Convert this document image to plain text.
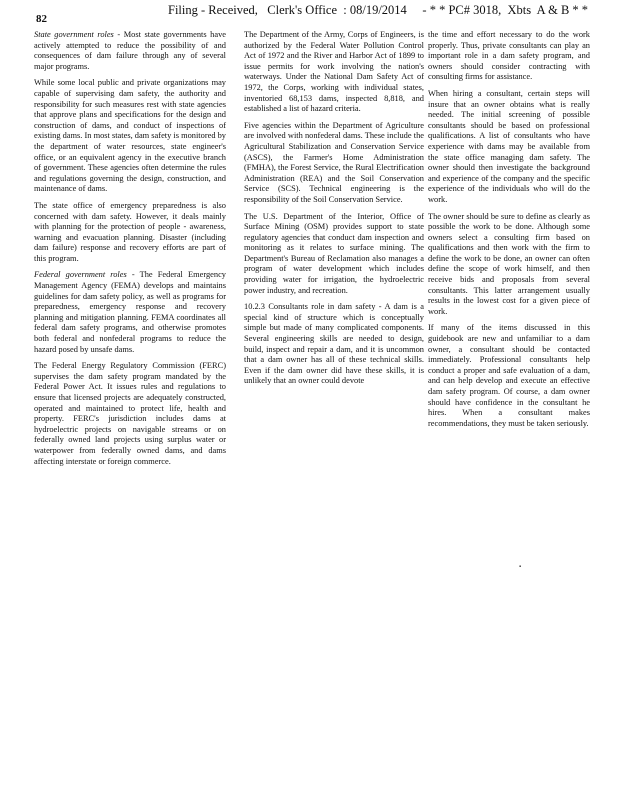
82
Filing - Received,   Clerk's Office  : 08/19/2014     - * * PC# 3018,  Xbts  A & B * *

State government roles - Most state governments have actively attempted to reduce the possibility of and consequences of dam failure through any of several major programs.

While some local public and private organizations may capable of supervising dam safety, the authority and responsibility for such measures rest with state agencies that approve plans and specifications for the design and construction of dams, and conduct of inspections of existing dams. In most states, dam safety is monitored by the department of water resources, state engineer's office, or an equivalent agency in the executive branch of government. These agencies often determine the rules and regulations governing the design, construction, and maintenance of dams.

The state office of emergency preparedness is also concerned with dam safety. However, it deals mainly with planning for the protection of people - awareness, warning and evacuation planning. Disaster (including dam failure) response and recovery efforts are part of this program.

Federal government roles - The Federal Emergency Management Agency (FEMA) develops and maintains guidelines for dam safety policy, as well as programs for preparedness, emergency response and recovery planning and mitigation planning. FEMA coordinates all federal dam safety programs, and otherwise promotes both federal and nonfederal programs to reduce the hazard posed by unsafe dams.

The Federal Energy Regulatory Commission (FERC) supervises the dam safety program mandated by the Federal Power Act. It issues rules and regulations to ensure that licensed projects are adequately constructed, operated and maintained to protect life, health and property. FERC's jurisdiction includes dams at hydroelectric projects on navigable streams or on federally owned land projects using surplus water or waterpower from federally owned dams, and dams affecting interstate or foreign commerce.

The Department of the Army, Corps of Engineers, is authorized by the Federal Water Pollution Control Act of 1972 and the River and Harbor Act of 1899 to issue permits for work involving the nation's waterways. Under the National Dam Safety Act of 1972, the Corps, working with individual states, inventoried 68,153 dams, inspected 8,818, and established a list of hazard criteria.

Five agencies within the Department of Agriculture are involved with nonfederal dams. These include the Agricultural Stabilization and Conservation Service (ASCS), the Farmer's Home Administration (FMHA), the Forest Service, the Rural Electrification Administration (REA) and the Soil Conservation Service (SCS). Technical engineering is the responsibility of the Soil Conservation Service.

The U.S. Department of the Interior, Office of Surface Mining (OSM) provides support to state regulatory agencies that conduct dam inspection and monitoring as it relates to surface mining. The Department's Bureau of Reclamation also manages a program of water development which includes providing water for irrigation, the hydroelectric power industry, and recreation.

10.2.3 Consultants role in dam safety - A dam is a special kind of structure which is conceptually simple but made of many complicated components. Several engineering skills are needed to design, build, inspect and repair a dam, and it is uncommon that a dam owner has all of these technical skills. Even if the dam owner did have these skills, it is unlikely that an owner could devote

the time and effort necessary to do the work properly. Thus, private consultants can play an important role in a dam safety program, and owners should consider contracting with consulting firms for assistance.

When hiring a consultant, certain steps will insure that an owner obtains what is really needed. The initial screening of possible consultants should be based on professional qualifications. A list of consultants who have experience with dams may be available from the state office managing dam safety. The owner should then investigate the background and experience of the company and the specific experience of the individuals who will do the work.

The owner should be sure to define as clearly as possible the work to be done. Although some owners select a consulting firm based on qualifications and then work with the firm to define the work to be done, an owner can often define the scope of work himself, and then receive bids and proposals from several consultants. This latter arrangement usually results in the lowest cost for a given piece of work.

If many of the items discussed in this guidebook are new and unfamiliar to a dam owner, a consultant should be contacted immediately. Professional consultants help conduct a proper and safe evaluation of a dam, and can help develop and execute an effective dam safety program. Of course, a dam owner should have confidence in the consultant he hires. When a consultant makes recommendations, they must be taken seriously.

▪
